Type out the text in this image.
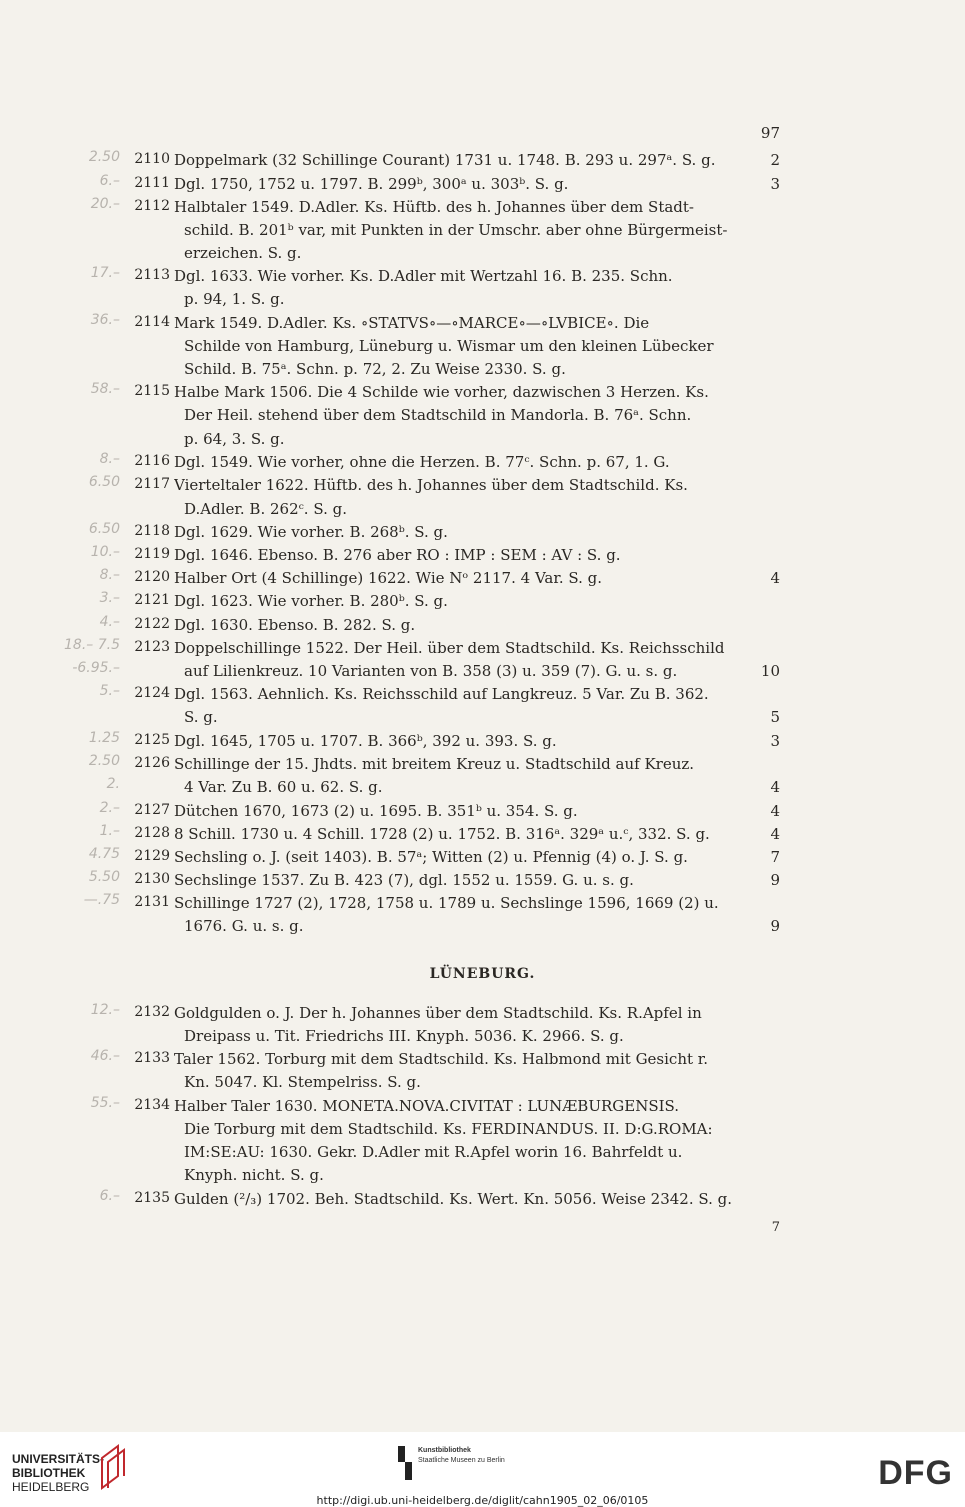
97
2.50	2110 Doppelmark (32 Schillinge Courant) 1731 u. 1748. B. 293 u. 297ᵃ. S. g.	2
6.–	2111 Dgl. 1750, 1752 u. 1797. B. 299ᵇ, 300ᵃ u. 303ᵇ. S. g.	3
20.–	2112 Halbtaler 1549. D.Adler. Ks. Hüftb. des h. Johannes über dem Stadt-
schild. B. 201ᵇ var, mit Punkten in der Umschr. aber ohne Bürgermeist-
erzeichen. S. g.
17.–	2113 Dgl. 1633. Wie vorher. Ks. D.Adler mit Wertzahl 16. B. 235. Schn.
p. 94, 1. S. g.
36.–	2114 Mark 1549. D.Adler. Ks. ∘STATVS∘—∘MARCE∘—∘LVBICE∘. Die
Schilde von Hamburg, Lüneburg u. Wismar um den kleinen Lübecker
Schild. B. 75ᵃ. Schn. p. 72, 2. Zu Weise 2330. S. g.
58.–	2115 Halbe Mark 1506. Die 4 Schilde wie vorher, dazwischen 3 Herzen. Ks.
Der Heil. stehend über dem Stadtschild in Mandorla. B. 76ᵃ. Schn.
p. 64, 3. S. g.
8.–	2116 Dgl. 1549. Wie vorher, ohne die Herzen. B. 77ᶜ. Schn. p. 67, 1. G.
6.50	2117 Vierteltaler 1622. Hüftb. des h. Johannes über dem Stadtschild. Ks.
D.Adler. B. 262ᶜ. S. g.
6.50	2118 Dgl. 1629. Wie vorher. B. 268ᵇ. S. g.
10.–	2119 Dgl. 1646. Ebenso. B. 276 aber RO : IMP : SEM : AV : S. g.
8.–	2120 Halber Ort (4 Schillinge) 1622. Wie Nᵒ 2117. 4 Var. S. g.	4
3.–	2121 Dgl. 1623. Wie vorher. B. 280ᵇ. S. g.
4.–	2122 Dgl. 1630. Ebenso. B. 282. S. g.
18.– 7.5	2123 Doppelschillinge 1522. Der Heil. über dem Stadtschild. Ks. Reichsschild
-6.95.–	auf Lilienkreuz. 10 Varianten von B. 358 (3) u. 359 (7). G. u. s. g.	10
5.–	2124 Dgl. 1563. Aehnlich. Ks. Reichsschild auf Langkreuz. 5 Var. Zu B. 362.
S. g.	5
1.25	2125 Dgl. 1645, 1705 u. 1707. B. 366ᵇ, 392 u. 393. S. g.	3
2.50	2126 Schillinge der 15. Jhdts. mit breitem Kreuz u. Stadtschild auf Kreuz.
2.	4 Var. Zu B. 60 u. 62. S. g.	4
2.–	2127 Dütchen 1670, 1673 (2) u. 1695. B. 351ᵇ u. 354. S. g.	4
1.–	2128 8 Schill. 1730 u. 4 Schill. 1728 (2) u. 1752. B. 316ᵃ. 329ᵃ u.ᶜ, 332. S. g.	4
4.75	2129 Sechsling o. J. (seit 1403). B. 57ᵃ; Witten (2) u. Pfennig (4) o. J. S. g.	7
5.50	2130 Sechslinge 1537. Zu B. 423 (7), dgl. 1552 u. 1559. G. u. s. g.	9
—.75	2131 Schillinge 1727 (2), 1728, 1758 u. 1789 u. Sechslinge 1596, 1669 (2) u.
1676. G. u. s. g.	9
12.–	2132 Goldgulden o. J. Der h. Johannes über dem Stadtschild. Ks. R.Apfel in
Dreipass u. Tit. Friedrichs III. Knyph. 5036. K. 2966. S. g.
46.–	2133 Taler 1562. Torburg mit dem Stadtschild. Ks. Halbmond mit Gesicht r.
Kn. 5047. Kl. Stempelriss. S. g.
55.–	2134 Halber Taler 1630. MONETA.NOVA.CIVITAT : LUNÆBURGENSIS.
Die Torburg mit dem Stadtschild. Ks. FERDINANDUS. II. D:G.ROMA:
IM:SE:AU: 1630. Gekr. D.Adler mit R.Apfel worin 16. Bahrfeldt u.
Knyph. nicht. S. g.
6.–	2135 Gulden (²/₃) 1702. Beh. Stadtschild. Ks. Wert. Kn. 5056. Weise 2342. S. g.
LÜNEBURG.
7
UNIVERSITÄTS-
BIBLIOTHEK
HEIDELBERG
Kunstbibliothek
Staatliche Museen zu Berlin	DFG
http://digi.ub.uni-heidelberg.de/diglit/cahn1905_02_06/0105
